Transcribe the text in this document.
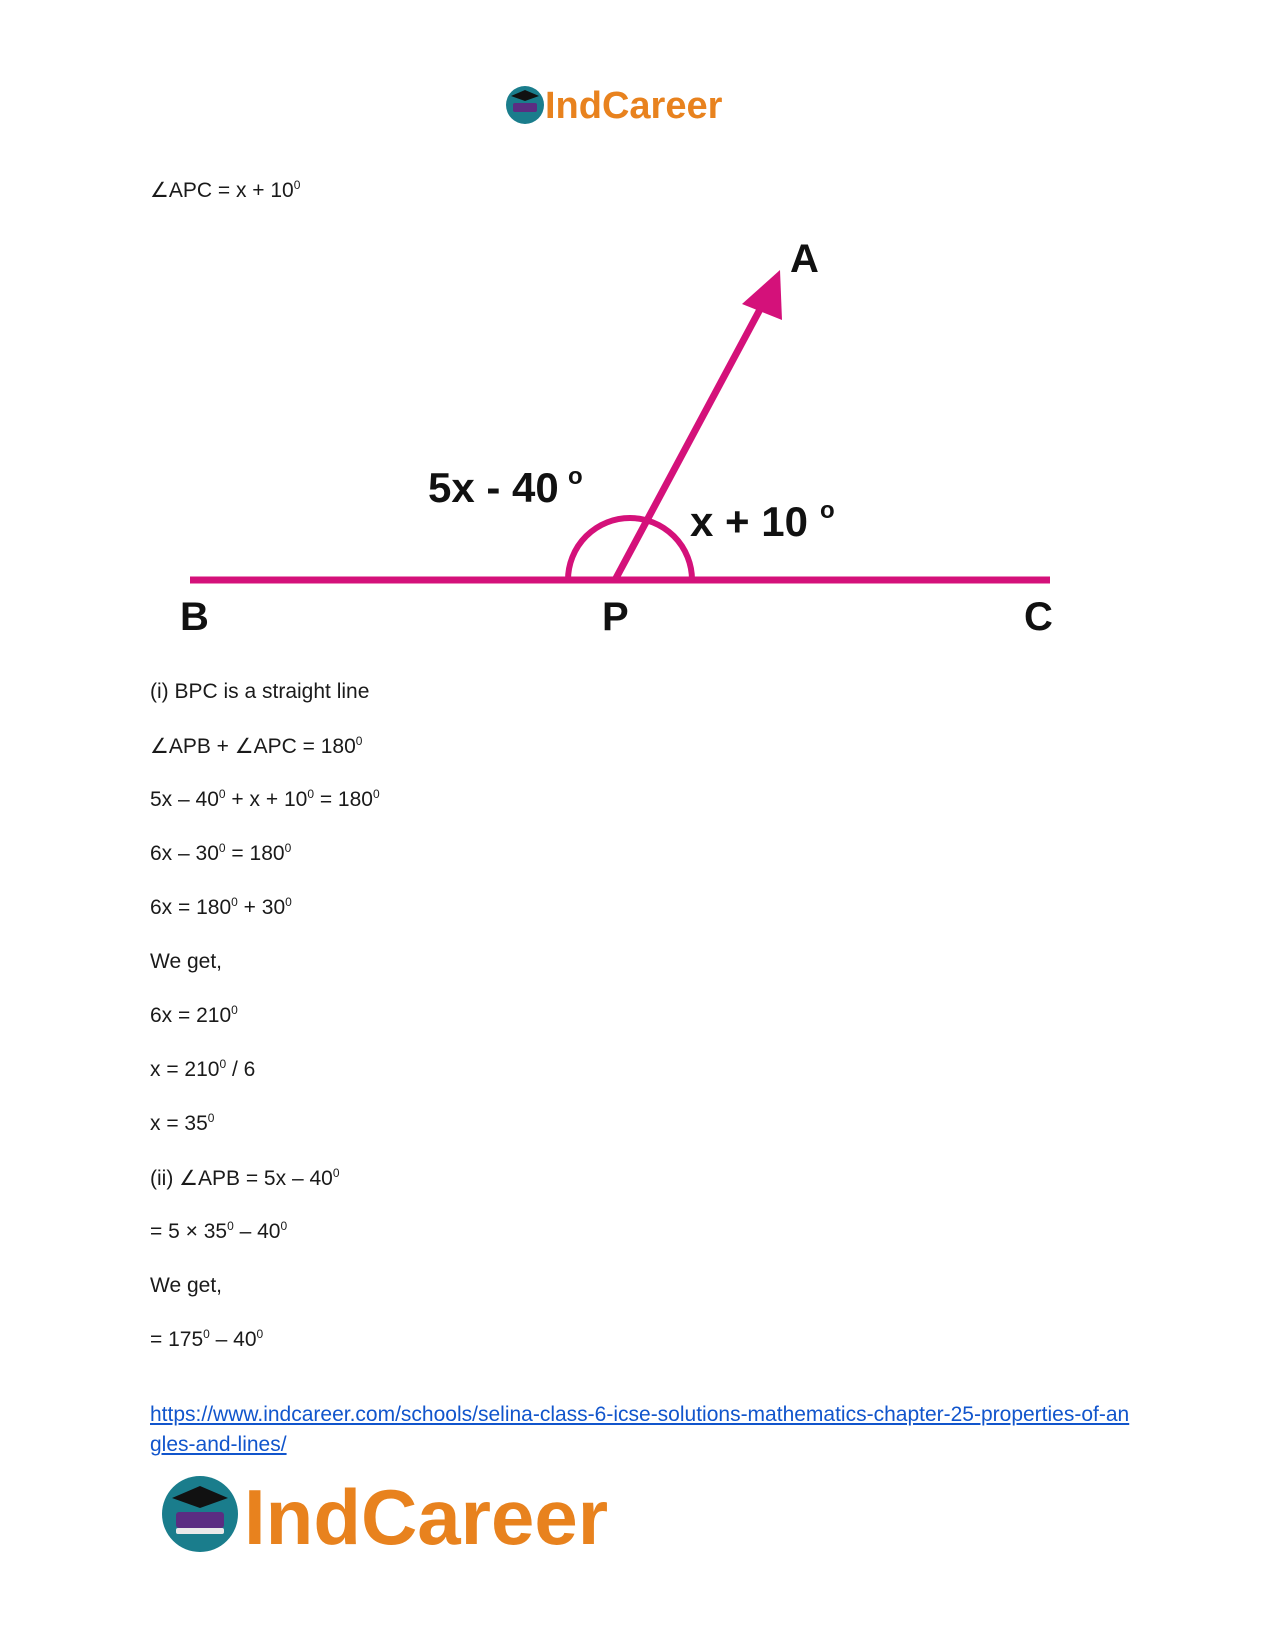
IndCareer
∠APC = $x + 10^0$
A
B	P	C
5x - 40 o
x + 10 o
(i) BPC is a straight line
∠APB + ∠APC = $180^0$
$5x - 40^0 + x + 10^0 = 180^0$
$6x - 30^0 = 180^0$
$6x = 180^0 + 30^0$
We get,
$6x = 210^0$
$x = 210^0 / 6$
$x = 35^0$
(ii) ∠APB = $5x - 40^0$
= $5 \times 35^0 - 40^0$
We get,
= $175^0 - 40^0$
https://www.indcareer.com/schools/selina-class-6-icse-solutions-mathematics-chapter-25-properties-of-angles-and-lines/
IndCareer
